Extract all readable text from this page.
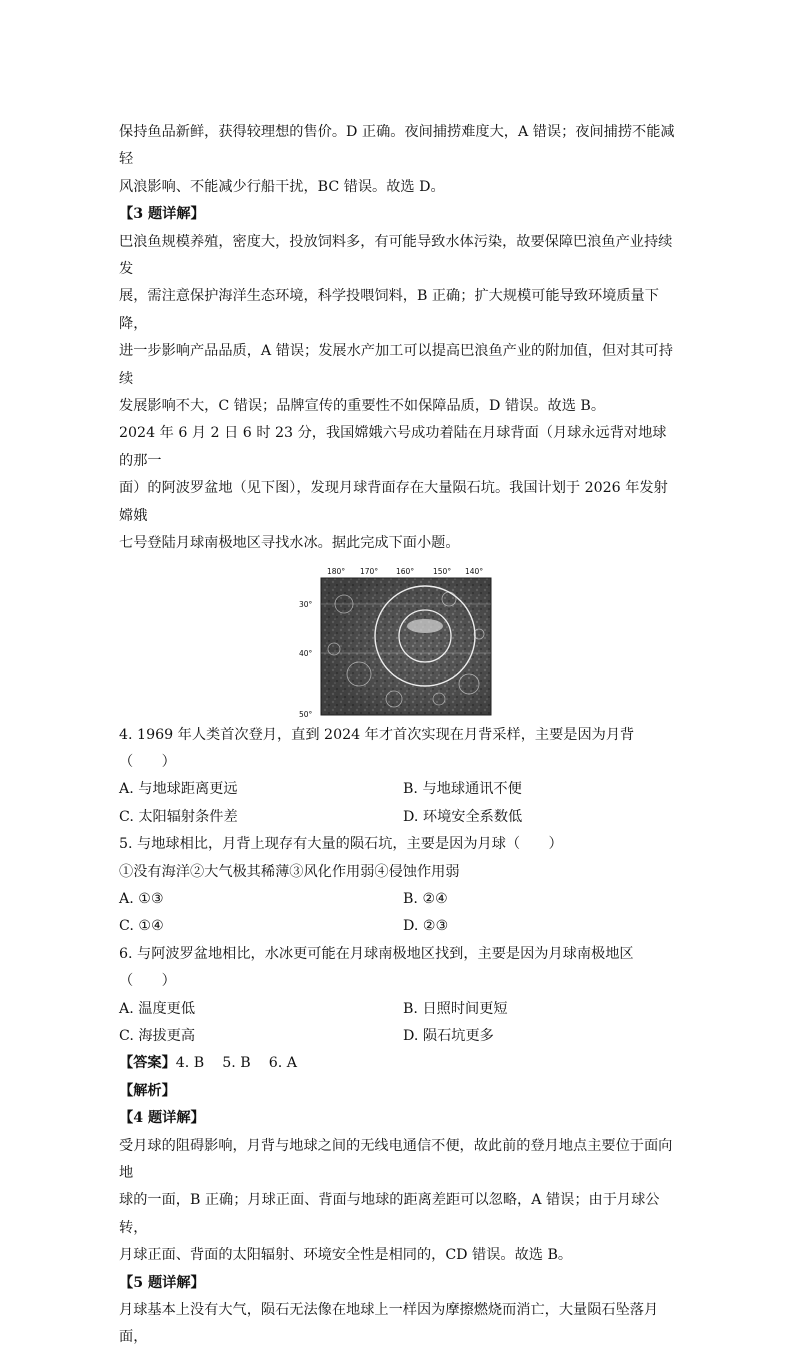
保持鱼品新鲜，获得较理想的售价。D 正确。夜间捕捞难度大，A 错误；夜间捕捞不能减轻

风浪影响、不能减少行船干扰，BC 错误。故选 D。

【3 题详解】

巴浪鱼规模养殖，密度大，投放饲料多，有可能导致水体污染，故要保障巴浪鱼产业持续发

展，需注意保护海洋生态环境，科学投喂饲料，B 正确；扩大规模可能导致环境质量下降，

进一步影响产品品质，A 错误；发展水产加工可以提高巴浪鱼产业的附加值，但对其可持续

发展影响不大，C 错误；品牌宣传的重要性不如保障品质，D 错误。故选 B。

2024 年 6 月 2 日 6 时 23 分，我国嫦娥六号成功着陆在月球背面（月球永远背对地球的那一

面）的阿波罗盆地（见下图），发现月球背面存在大量陨石坑。我国计划于 2026 年发射嫦娥

七号登陆月球南极地区寻找水冰。据此完成下面小题。

180° 170° 160°	150° 140°
30°
40°
50°

4. 1969 年人类首次登月，直到 2024 年才首次实现在月背采样，主要是因为月背（　　）

A. 与地球距离更远	B. 与地球通讯不便
C. 太阳辐射条件差	D. 环境安全系数低

5. 与地球相比，月背上现存有大量的陨石坑，主要是因为月球（　　）

①没有海洋②大气极其稀薄③风化作用弱④侵蚀作用弱

A. ①③	B. ②④
C. ①④	D. ②③

6. 与阿波罗盆地相比，水冰更可能在月球南极地区找到，主要是因为月球南极地区（　　）

A. 温度更低	B. 日照时间更短
C. 海拔更高	D. 陨石坑更多

【答案】4. B 5. B 6. A

【解析】

【4 题详解】

受月球的阻碍影响，月背与地球之间的无线电通信不便，故此前的登月地点主要位于面向地

球的一面，B 正确；月球正面、背面与地球的距离差距可以忽略，A 错误；由于月球公转，

月球正面、背面的太阳辐射、环境安全性是相同的，CD 错误。故选 B。

【5 题详解】

月球基本上没有大气，陨石无法像在地球上一样因为摩擦燃烧而消亡，大量陨石坠落月面，
